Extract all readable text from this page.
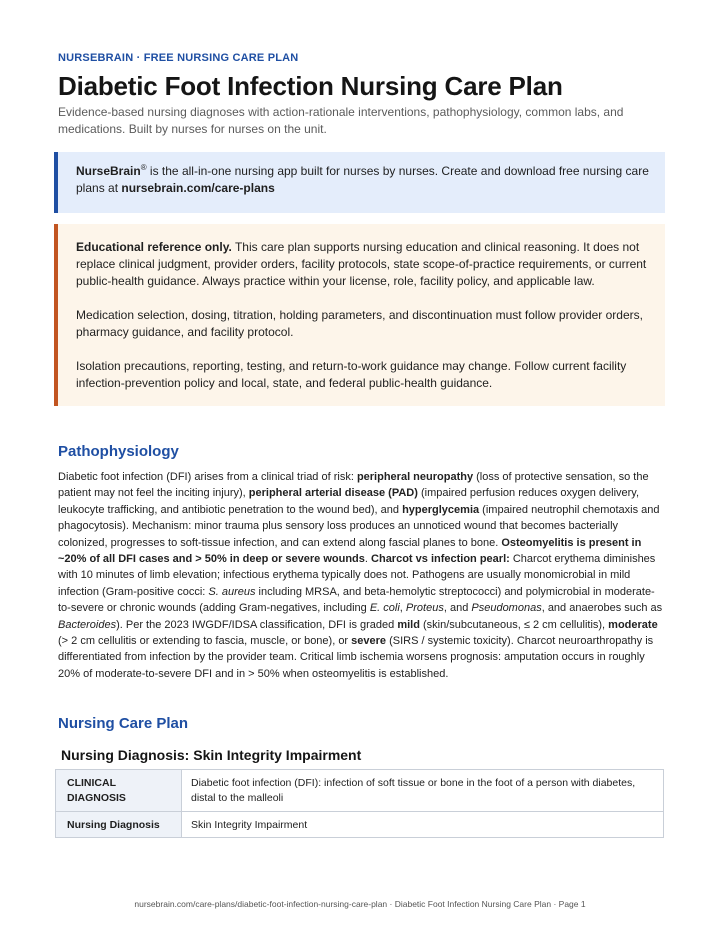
NURSEBRAIN · FREE NURSING CARE PLAN
Diabetic Foot Infection Nursing Care Plan
Evidence-based nursing diagnoses with action-rationale interventions, pathophysiology, common labs, and medications. Built by nurses for nurses on the unit.

NurseBrain® is the all-in-one nursing app built for nurses by nurses. Create and download free nursing care plans at nursebrain.com/care-plans

Educational reference only. This care plan supports nursing education and clinical reasoning. It does not replace clinical judgment, provider orders, facility protocols, state scope-of-practice requirements, or current public-health guidance. Always practice within your license, role, facility policy, and applicable law.

Medication selection, dosing, titration, holding parameters, and discontinuation must follow provider orders, pharmacy guidance, and facility protocol.

Isolation precautions, reporting, testing, and return-to-work guidance may change. Follow current facility infection-prevention policy and local, state, and federal public-health guidance.

Pathophysiology

Diabetic foot infection (DFI) arises from a clinical triad of risk: peripheral neuropathy (loss of protective sensation, so the patient may not feel the inciting injury), peripheral arterial disease (PAD) (impaired perfusion reduces oxygen delivery, leukocyte trafficking, and antibiotic penetration to the wound bed), and hyperglycemia (impaired neutrophil chemotaxis and phagocytosis). Mechanism: minor trauma plus sensory loss produces an unnoticed wound that becomes bacterially colonized, progresses to soft-tissue infection, and can extend along fascial planes to bone. Osteomyelitis is present in ~20% of all DFI cases and > 50% in deep or severe wounds. Charcot vs infection pearl: Charcot erythema diminishes with 10 minutes of limb elevation; infectious erythema typically does not. Pathogens are usually monomicrobial in mild infection (Gram-positive cocci: S. aureus including MRSA, and beta-hemolytic streptococci) and polymicrobial in moderate-to-severe or chronic wounds (adding Gram-negatives, including E. coli, Proteus, and Pseudomonas, and anaerobes such as Bacteroides). Per the 2023 IWGDF/IDSA classification, DFI is graded mild (skin/subcutaneous, ≤ 2 cm cellulitis), moderate (> 2 cm cellulitis or extending to fascia, muscle, or bone), or severe (SIRS / systemic toxicity). Charcot neuroarthropathy is differentiated from infection by the provider team. Critical limb ischemia worsens prognosis: amputation occurs in roughly 20% of moderate-to-severe DFI and in > 50% when osteomyelitis is established.

Nursing Care Plan
Nursing Diagnosis: Skin Integrity Impairment
CLINICAL DIAGNOSIS	Diabetic foot infection (DFI): infection of soft tissue or bone in the foot of a person with diabetes, distal to the malleoli
Nursing Diagnosis	Skin Integrity Impairment
nursebrain.com/care-plans/diabetic-foot-infection-nursing-care-plan · Diabetic Foot Infection Nursing Care Plan · Page 1
